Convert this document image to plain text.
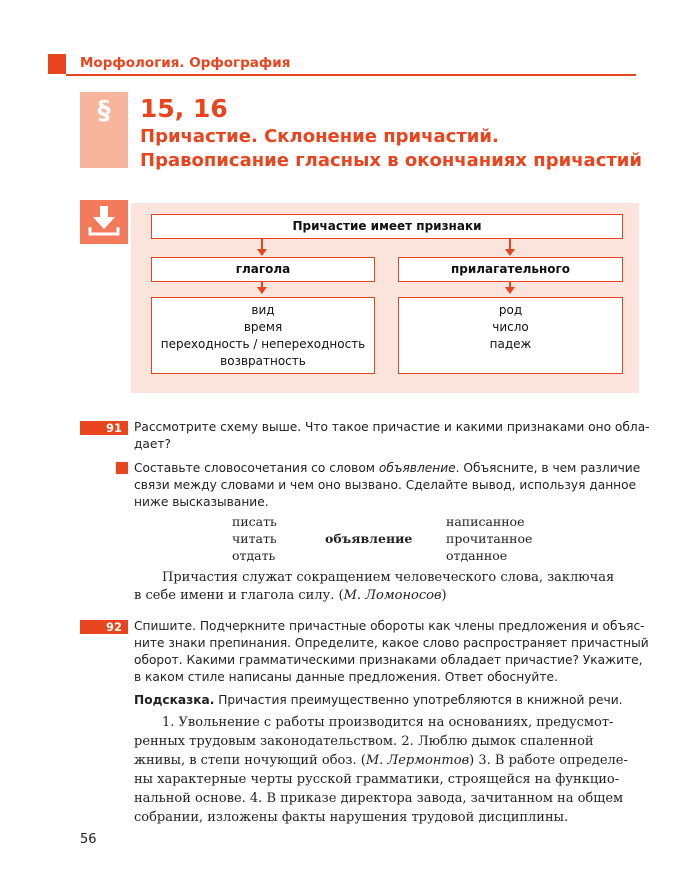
Морфология. Орфография
§	15, 16
Причастие. Склонение причастий.
Правописание гласных в окончаниях причастий
Причастие имеет признаки
глагола	прилагательного
вид
время
переходность / непереходность
возвратность
род
число
падеж
91 Рассмотрите схему выше. Что такое причастие и какими признаками оно обла-
дает?
Составьте словосочетания со словом объявление. Объясните, в чем различие
связи между словами и чем оно вызвано. Сделайте вывод, используя данное
ниже высказывание.
писать
читать
отдать
объявление
написанное
прочитанное
отданное
Причастия служат сокращением человеческого слова, заключая
в себе имени и глагола силу. (М. Ломоносов)
92 Спишите. Подчеркните причастные обороты как члены предложения и объяс-
ните знаки препинания. Определите, какое слово распространяет причастный
оборот. Какими грамматическими признаками обладает причастие? Укажите,
в каком стиле написаны данные предложения. Ответ обоснуйте.
Подсказка. Причастия преимущественно употребляются в книжной речи.
1. Увольнение с работы производится на основаниях, предусмот-
ренных трудовым законодательством. 2. Люблю дымок спаленной
жнивы, в степи ночующий обоз. (М. Лермонтов) 3. В работе определе-
ны характерные черты русской грамматики, строящейся на функцио-
нальной основе. 4. В приказе директора завода, зачитанном на общем
собрании, изложены факты нарушения трудовой дисциплины.
56
